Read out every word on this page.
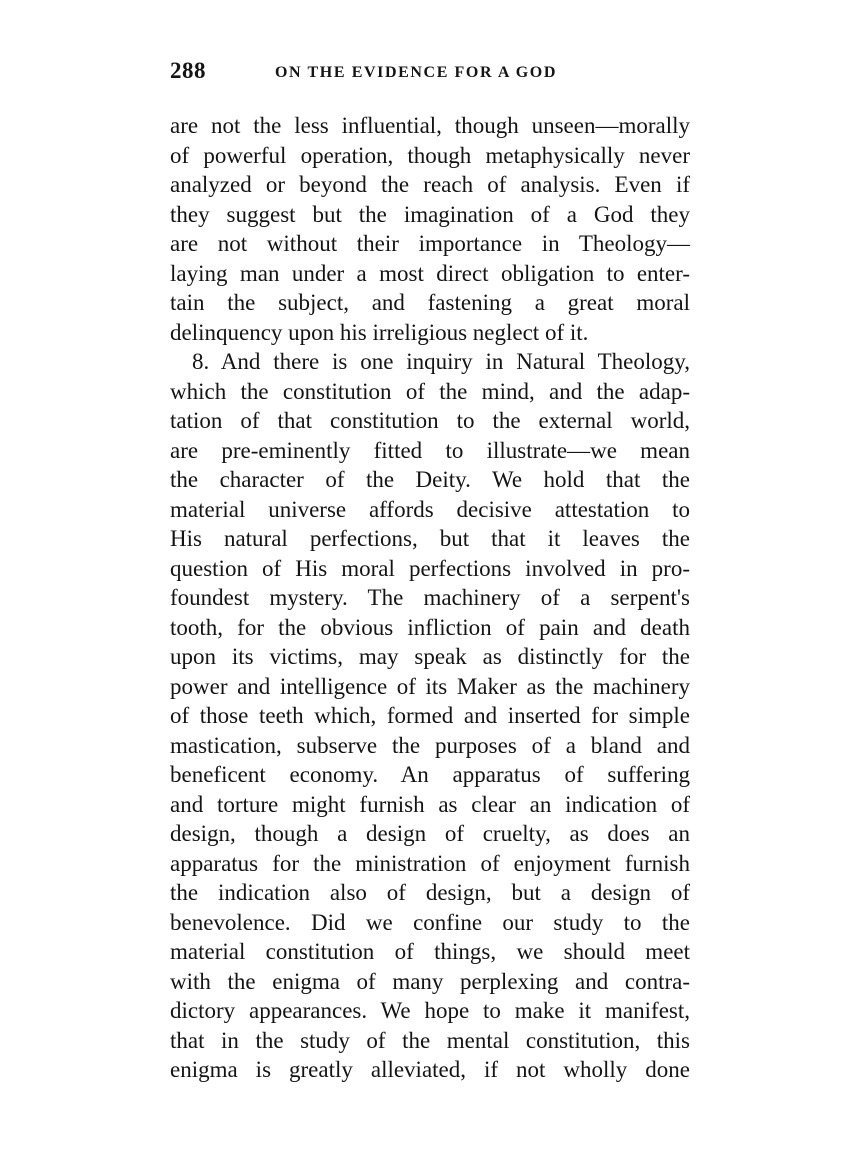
288	ON THE EVIDENCE FOR A GOD
are not the less influential, though unseen—morally
of powerful operation, though metaphysically never
analyzed or beyond the reach of analysis. Even if
they suggest but the imagination of a God they
are not without their importance in Theology—
laying man under a most direct obligation to enter-
tain the subject, and fastening a great moral
delinquency upon his irreligious neglect of it.
8. And there is one inquiry in Natural Theology,
which the constitution of the mind, and the adap-
tation of that constitution to the external world,
are pre-eminently fitted to illustrate—we mean
the character of the Deity. We hold that the
material universe affords decisive attestation to
His natural perfections, but that it leaves the
question of His moral perfections involved in pro-
foundest mystery. The machinery of a serpent's
tooth, for the obvious infliction of pain and death
upon its victims, may speak as distinctly for the
power and intelligence of its Maker as the machinery
of those teeth which, formed and inserted for simple
mastication, subserve the purposes of a bland and
beneficent economy. An apparatus of suffering
and torture might furnish as clear an indication of
design, though a design of cruelty, as does an
apparatus for the ministration of enjoyment furnish
the indication also of design, but a design of
benevolence. Did we confine our study to the
material constitution of things, we should meet
with the enigma of many perplexing and contra-
dictory appearances. We hope to make it manifest,
that in the study of the mental constitution, this
enigma is greatly alleviated, if not wholly done
